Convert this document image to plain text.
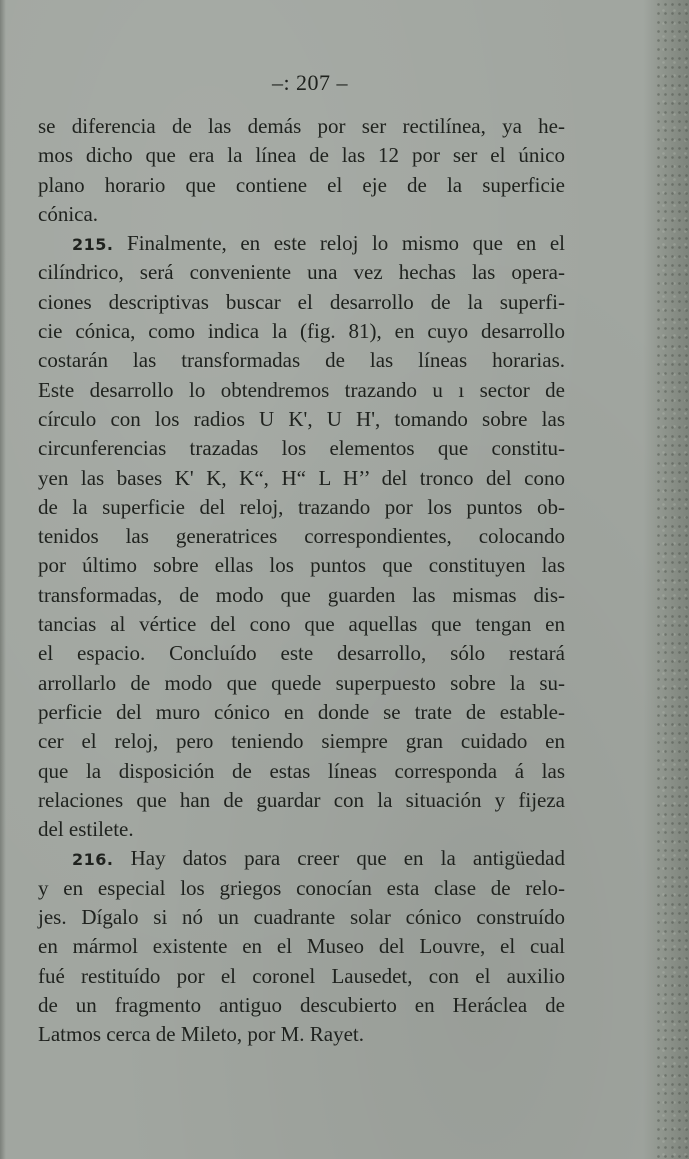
–: 207 –
se diferencia de las demás por ser rectilínea, ya he-
mos dicho que era la línea de las 12 por ser el único
plano horario que contiene el eje de la superficie
cónica.
215. Finalmente, en este reloj lo mismo que en el
cilíndrico, será conveniente una vez hechas las opera-
ciones descriptivas buscar el desarrollo de la superfi-
cie cónica, como indica la (fig. 81), en cuyo desarrollo
costarán las transformadas de las líneas horarias.
Este desarrollo lo obtendremos trazando u ı sector de
círculo con los radios U K', U H', tomando sobre las
circunferencias trazadas los elementos que constitu-
yen las bases K' K, K“, H“ L H’’ del tronco del cono
de la superficie del reloj, trazando por los puntos ob-
tenidos las generatrices correspondientes, colocando
por último sobre ellas los puntos que constituyen las
transformadas, de modo que guarden las mismas dis-
tancias al vértice del cono que aquellas que tengan en
el espacio. Concluído este desarrollo, sólo restará
arrollarlo de modo que quede superpuesto sobre la su-
perficie del muro cónico en donde se trate de estable-
cer el reloj, pero teniendo siempre gran cuidado en
que la disposición de estas líneas corresponda á las
relaciones que han de guardar con la situación y fijeza
del estilete.
216. Hay datos para creer que en la antigüedad
y en especial los griegos conocían esta clase de relo-
jes. Dígalo si nó un cuadrante solar cónico construído
en mármol existente en el Museo del Louvre, el cual
fué restituído por el coronel Lausedet, con el auxilio
de un fragmento antiguo descubierto en Heráclea de
Latmos cerca de Mileto, por M. Rayet.
